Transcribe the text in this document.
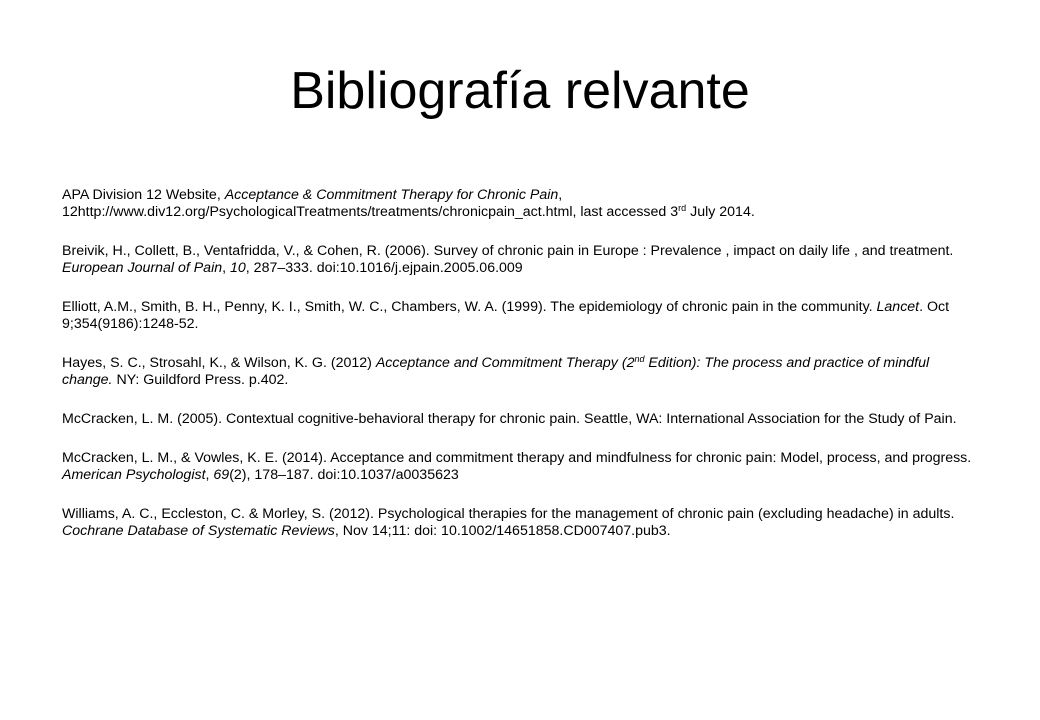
Bibliografía relvante

APA Division 12 Website, Acceptance & Commitment Therapy for Chronic Pain, 12http://www.div12.org/PsychologicalTreatments/treatments/chronicpain_act.html, last accessed 3rd July 2014.

Breivik, H., Collett, B., Ventafridda, V., & Cohen, R. (2006). Survey of chronic pain in Europe : Prevalence , impact on daily life , and treatment. European Journal of Pain, 10, 287–333. doi:10.1016/j.ejpain.2005.06.009

Elliott, A.M., Smith, B. H., Penny, K. I., Smith, W. C., Chambers, W. A. (1999). The epidemiology of chronic pain in the community. Lancet. Oct 9;354(9186):1248-52.

Hayes, S. C., Strosahl, K., & Wilson, K. G. (2012) Acceptance and Commitment Therapy (2nd Edition): The process and practice of mindful change. NY: Guildford Press. p.402.

McCracken, L. M. (2005). Contextual cognitive-behavioral therapy for chronic pain. Seattle, WA: International Association for the Study of Pain.

McCracken, L. M., & Vowles, K. E. (2014). Acceptance and commitment therapy and mindfulness for chronic pain: Model, process, and progress. American Psychologist, 69(2), 178–187. doi:10.1037/a0035623

Williams, A. C., Eccleston, C. & Morley, S. (2012). Psychological therapies for the management of chronic pain (excluding headache) in adults. Cochrane Database of Systematic Reviews, Nov 14;11: doi: 10.1002/14651858.CD007407.pub3.
